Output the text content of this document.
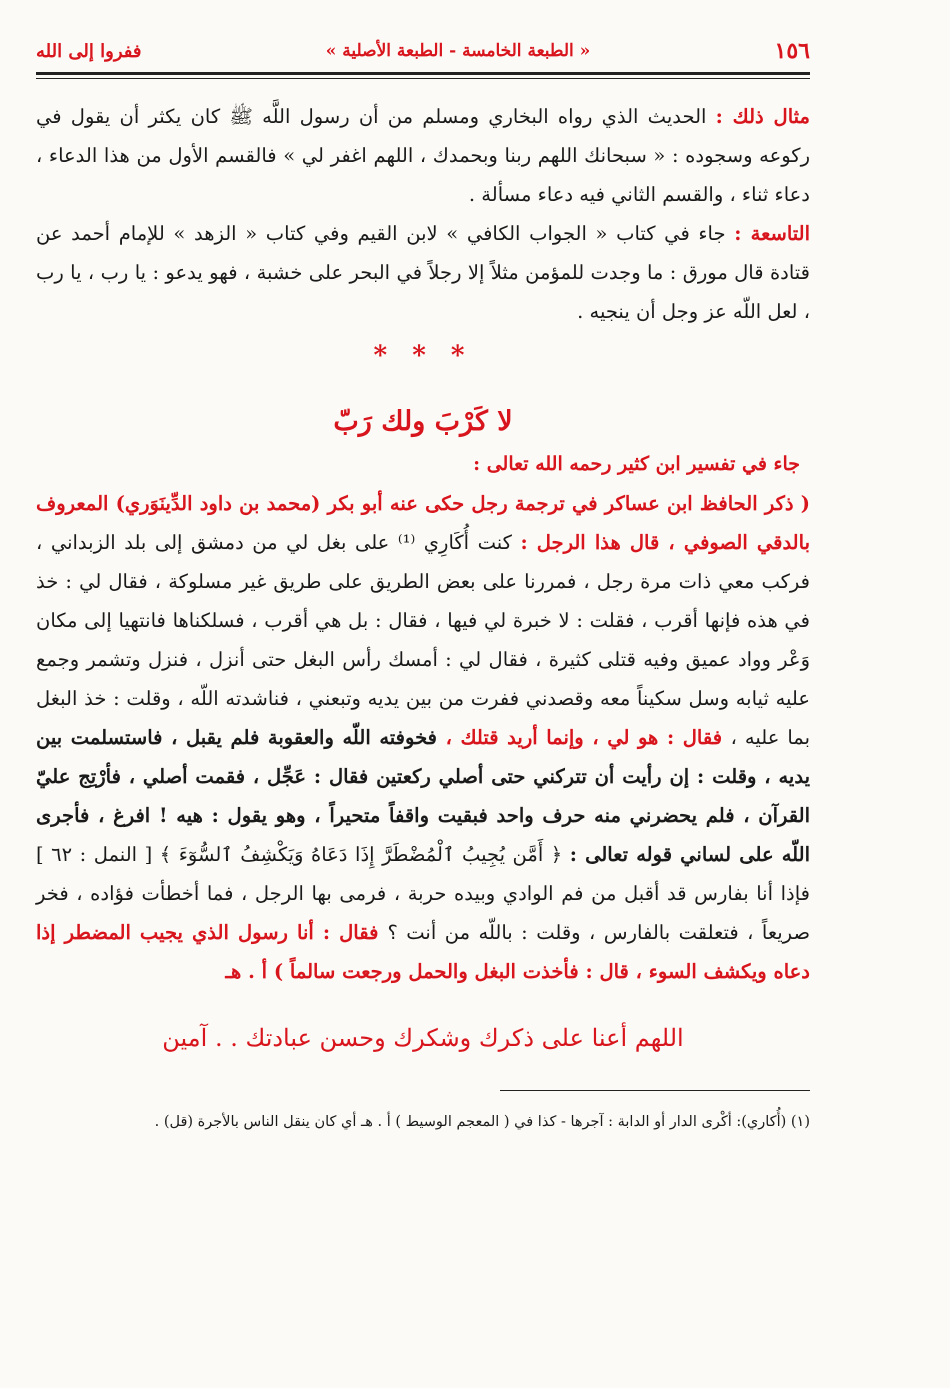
١٥٦
« الطبعة الخامسة - الطبعة الأصلية »
ففروا إلى الله

مثال ذلك : الحديث الذي رواه البخاري ومسلم من أن رسول اللَّه ﷺ كان يكثر أن يقول في ركوعه وسجوده : « سبحانك اللهم ربنا وبحمدك ، اللهم اغفر لي » فالقسم الأول من هذا الدعاء ، دعاء ثناء ، والقسم الثاني فيه دعاء مسألة .

التاسعة : جاء في كتاب « الجواب الكافي » لابن القيم وفي كتاب « الزهد » للإمام أحمد عن قتادة قال مورق : ما وجدت للمؤمن مثلاً إلا رجلاً في البحر على خشبة ، فهو يدعو : يا رب ، يا رب ، لعل اللّه عز وجل أن ينجيه .

* * *
لا كَرْبَ ولك رَبّ
جاء في تفسير ابن كثير رحمه الله تعالى :

( ذكر الحافظ ابن عساكر في ترجمة رجل حكى عنه أبو بكر (محمد بن داود الدِّينَوَري) المعروف بالدقي الصوفي ، قال هذا الرجل : كنت أُكَارِي ⁽¹⁾ على بغل لي من دمشق إلى بلد الزبداني ، فركب معي ذات مرة رجل ، فمررنا على بعض الطريق على طريق غير مسلوكة ، فقال لي : خذ في هذه فإنها أقرب ، فقلت : لا خبرة لي فيها ، فقال : بل هي أقرب ، فسلكناها فانتهيا إلى مكان وَعْر وواد عميق وفيه قتلى كثيرة ، فقال لي : أمسك رأس البغل حتى أنزل ، فنزل وتشمر وجمع عليه ثيابه وسل سكيناً معه وقصدني ففرت من بين يديه وتبعني ، فناشدته اللّه ، وقلت : خذ البغل بما عليه ، فقال : هو لي ، وإنما أريد قتلك ، فخوفته اللّه والعقوبة فلم يقبل ، فاستسلمت بين يديه ، وقلت : إن رأيت أن تتركني حتى أصلي ركعتين فقال : عَجِّل ، فقمت أصلي ، فأرْتِج عليّ القرآن ، فلم يحضرني منه حرف واحد فبقيت واقفاً متحيراً ، وهو يقول : هيه ! افرغ ، فأجرى اللّه على لساني قوله تعالى : ﴿ أَمَّن يُجِيبُ ٱلْمُضْطَرَّ إِذَا دَعَاهُ وَيَكْشِفُ ٱلسُّوٓءَ ﴾ [ النمل : ٦٢ ] فإذا أنا بفارس قد أقبل من فم الوادي وبيده حربة ، فرمى بها الرجل ، فما أخطأت فؤاده ، فخر صريعاً ، فتعلقت بالفارس ، وقلت : باللّه من أنت ؟ فقال : أنا رسول الذي يجيب المضطر إذا دعاه ويكشف السوء ، قال : فأخذت البغل والحمل ورجعت سالماً ) أ . هـ

اللهم أعنا على ذكرك وشكرك وحسن عبادتك . . آمين
(١) (أُكاري): أكْرى الدار أو الدابة : آجرها - كذا في ( المعجم الوسيط ) أ . هـ أي كان ينقل الناس بالأجرة (قل) .
